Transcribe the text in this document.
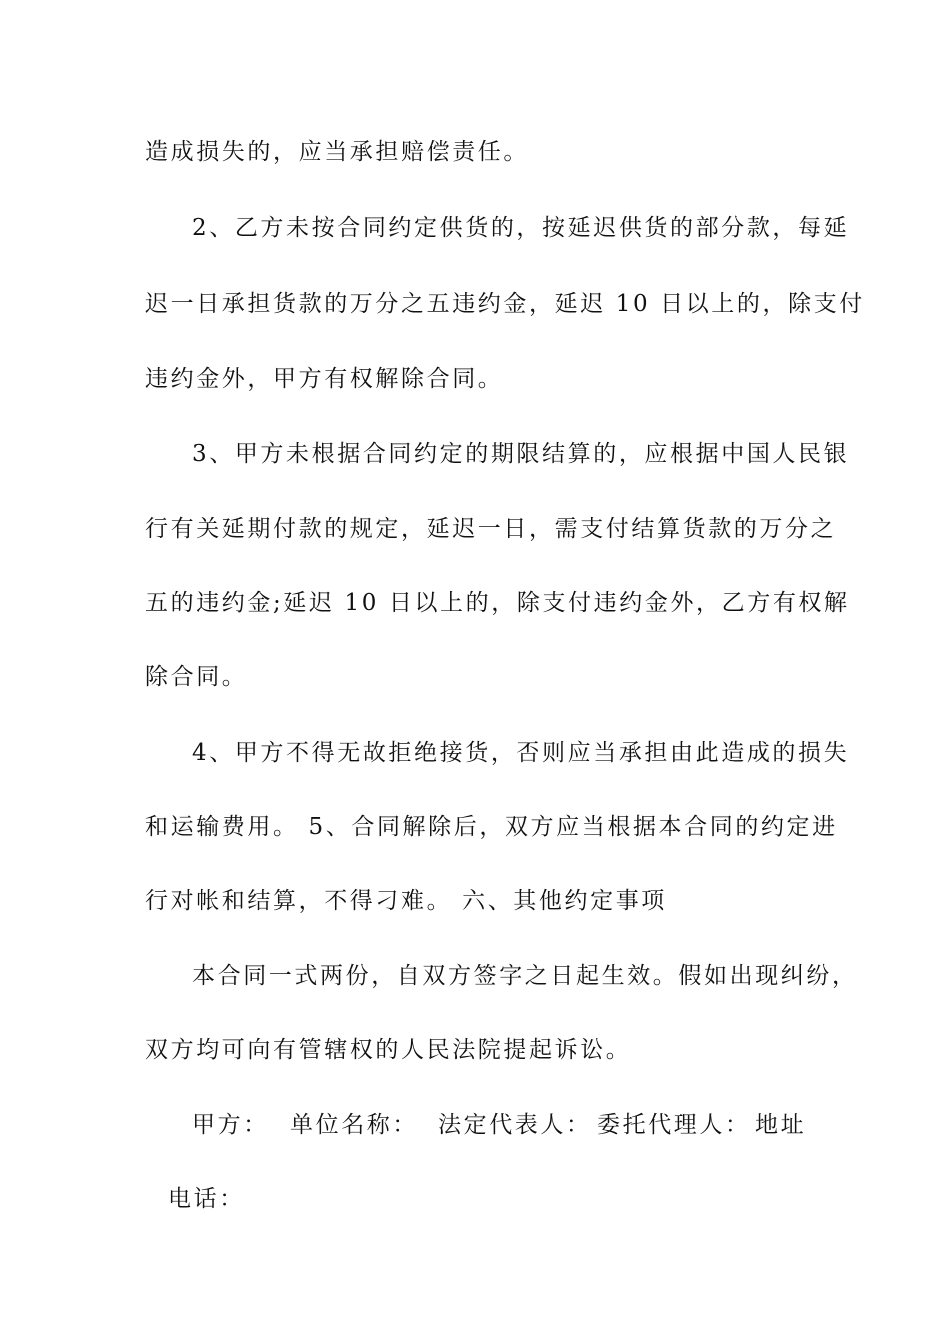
造成损失的，应当承担赔偿责任。
2、乙方未按合同约定供货的，按延迟供货的部分款，每延
迟一日承担货款的万分之五违约金，延迟 10 日以上的，除支付
违约金外，甲方有权解除合同。
3、甲方未根据合同约定的期限结算的，应根据中国人民银
行有关延期付款的规定，延迟一日，需支付结算货款的万分之
五的违约金;延迟 10 日以上的，除支付违约金外，乙方有权解
除合同。
4、甲方不得无故拒绝接货，否则应当承担由此造成的损失
和运输费用。 5、合同解除后，双方应当根据本合同的约定进
行对帐和结算，不得刁难。 六、其他约定事项
本合同一式两份，自双方签字之日起生效。假如出现纠纷，
双方均可向有管辖权的人民法院提起诉讼。
甲方： 单位名称： 法定代表人： 委托代理人： 地址
电话：
